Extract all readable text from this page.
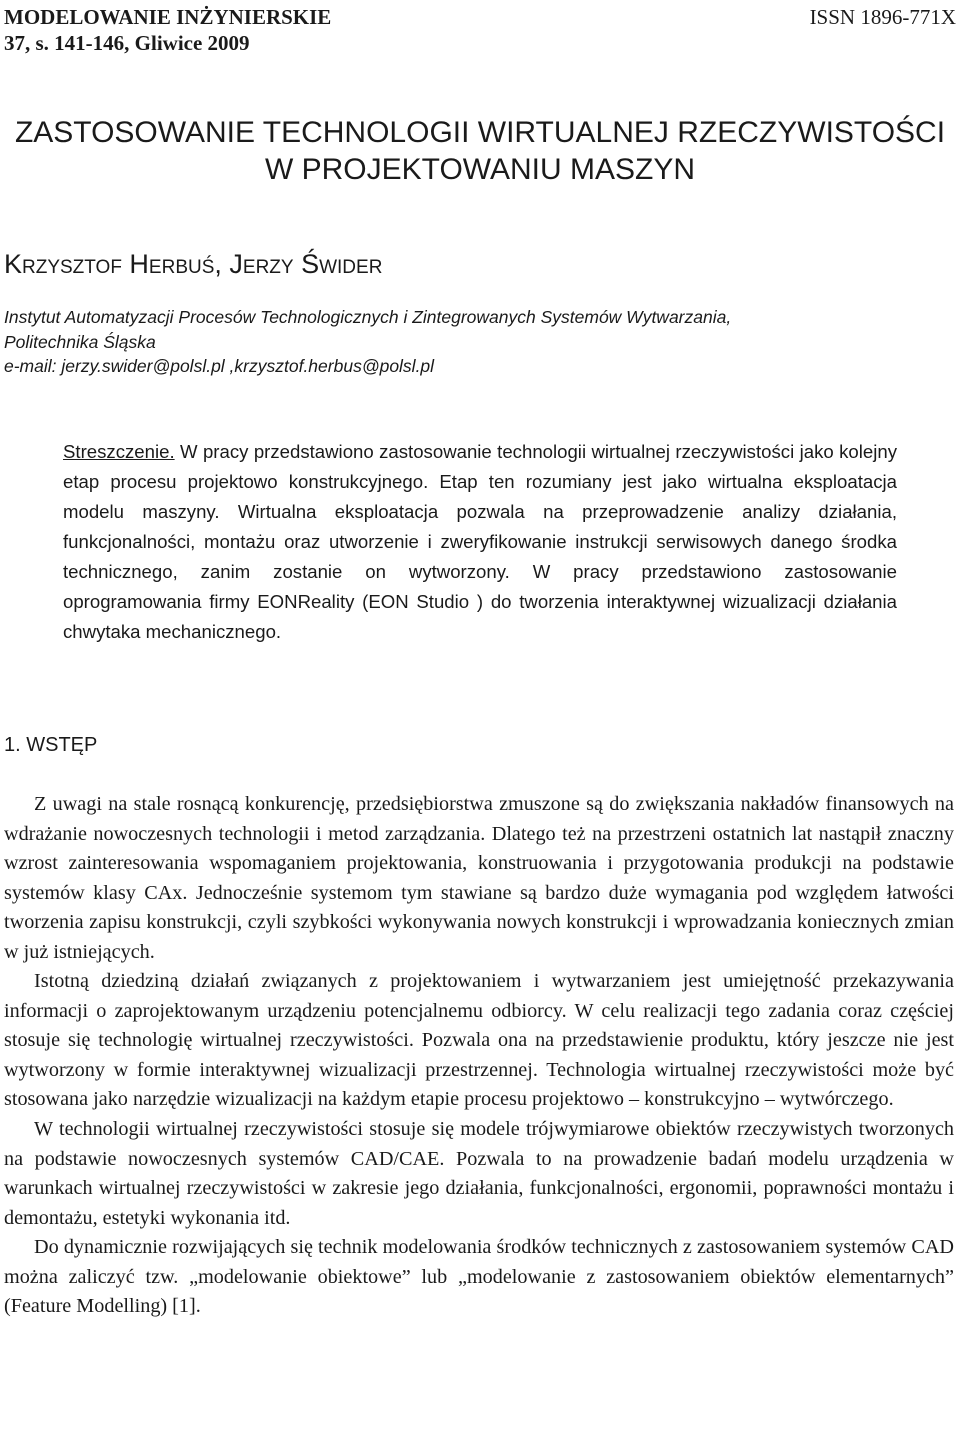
MODELOWANIE INŻYNIERSKIE
37, s. 141-146, Gliwice 2009
ISSN 1896-771X
ZASTOSOWANIE TECHNOLOGII WIRTUALNEJ RZECZYWISTOŚCI
W PROJEKTOWANIU MASZYN
Krzysztof Herbuś, Jerzy Świder
Instytut Automatyzacji Procesów Technologicznych i Zintegrowanych Systemów Wytwarzania,
Politechnika Śląska
e-mail: jerzy.swider@polsl.pl ,krzysztof.herbus@polsl.pl

Streszczenie. W pracy przedstawiono zastosowanie technologii wirtualnej rzeczywistości jako kolejny etap procesu projektowo konstrukcyjnego. Etap ten rozumiany jest jako wirtualna eksploatacja modelu maszyny. Wirtualna eksploatacja pozwala na przeprowadzenie analizy działania, funkcjonalności, montażu oraz utworzenie i zweryfikowanie instrukcji serwisowych danego środka technicznego, zanim zostanie on wytworzony. W pracy przedstawiono zastosowanie oprogramowania firmy EONReality (EON Studio ) do tworzenia interaktywnej wizualizacji działania chwytaka mechanicznego.

1. WSTĘP

Z uwagi na stale rosnącą konkurencję, przedsiębiorstwa zmuszone są do zwiększania nakładów finansowych na wdrażanie nowoczesnych technologii i metod zarządzania. Dlatego też na przestrzeni ostatnich lat nastąpił znaczny wzrost zainteresowania wspomaganiem projektowania, konstruowania i przygotowania produkcji na podstawie systemów klasy CAx. Jednocześnie systemom tym stawiane są bardzo duże wymagania pod względem łatwości tworzenia zapisu konstrukcji, czyli szybkości wykonywania nowych konstrukcji i wprowadzania koniecznych zmian w już istniejących.

Istotną dziedziną działań związanych z projektowaniem i wytwarzaniem jest umiejętność przekazywania informacji o zaprojektowanym urządzeniu potencjalnemu odbiorcy. W celu realizacji tego zadania coraz częściej stosuje się technologię wirtualnej rzeczywistości. Pozwala ona na przedstawienie produktu, który jeszcze nie jest wytworzony w formie interaktywnej wizualizacji przestrzennej. Technologia wirtualnej rzeczywistości może być stosowana jako narzędzie wizualizacji na każdym etapie procesu projektowo – konstrukcyjno – wytwórczego.

W technologii wirtualnej rzeczywistości stosuje się modele trójwymiarowe obiektów rzeczywistych tworzonych na podstawie nowoczesnych systemów CAD/CAE. Pozwala to na prowadzenie badań modelu urządzenia w warunkach wirtualnej rzeczywistości w zakresie jego działania, funkcjonalności, ergonomii, poprawności montażu i demontażu, estetyki wykonania itd.

Do dynamicznie rozwijających się technik modelowania środków technicznych z zastosowaniem systemów CAD można zaliczyć tzw. „modelowanie obiektowe” lub „modelowanie z zastosowaniem obiektów elementarnych” (Feature Modelling) [1].
